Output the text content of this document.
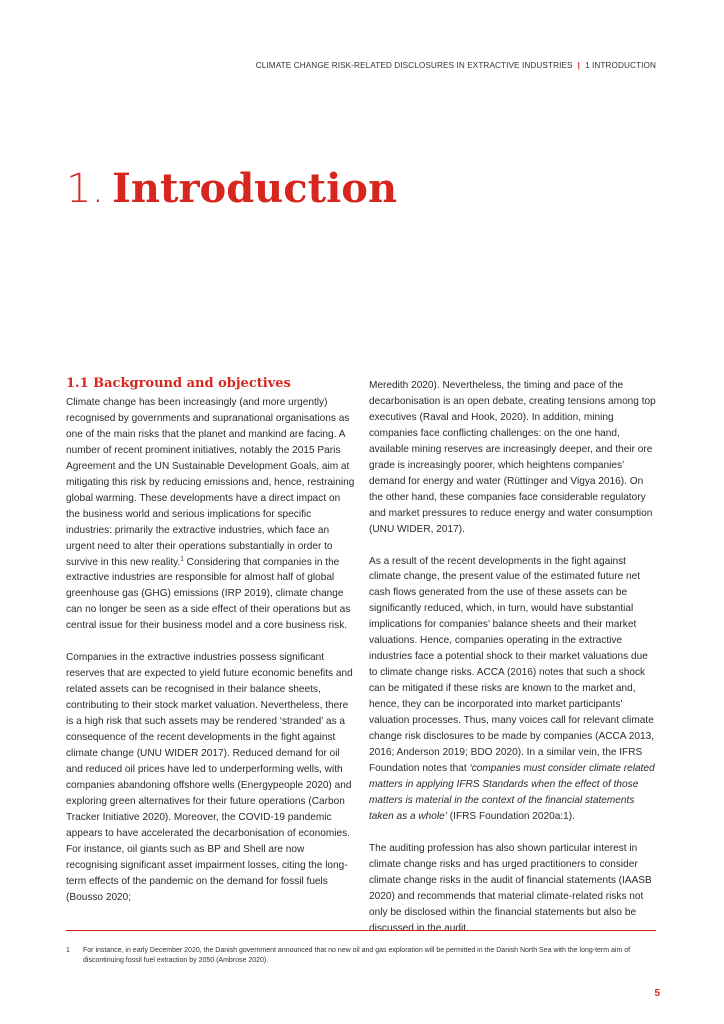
CLIMATE CHANGE RISK-RELATED DISCLOSURES IN EXTRACTIVE INDUSTRIES | 1 INTRODUCTION
1. Introduction
1.1 Background and objectives

Climate change has been increasingly (and more urgently) recognised by governments and supranational organisations as one of the main risks that the planet and mankind are facing. A number of recent prominent initiatives, notably the 2015 Paris Agreement and the UN Sustainable Development Goals, aim at mitigating this risk by reducing emissions and, hence, restraining global warming. These developments have a direct impact on the business world and serious implications for specific industries: primarily the extractive industries, which face an urgent need to alter their operations substantially in order to survive in this new reality.$^1$ Considering that companies in the extractive industries are responsible for almost half of global greenhouse gas (GHG) emissions (IRP 2019), climate change can no longer be seen as a side effect of their operations but as central issue for their business model and a core business risk.

Companies in the extractive industries possess significant reserves that are expected to yield future economic benefits and related assets can be recognised in their balance sheets, contributing to their stock market valuation. Nevertheless, there is a high risk that such assets may be rendered ‘stranded’ as a consequence of the recent developments in the fight against climate change (UNU WIDER 2017). Reduced demand for oil and reduced oil prices have led to underperforming wells, with companies abandoning offshore wells (Energypeople 2020) and exploring green alternatives for their future operations (Carbon Tracker Initiative 2020). Moreover, the COVID-19 pandemic appears to have accelerated the decarbonisation of economies. For instance, oil giants such as BP and Shell are now recognising significant asset impairment losses, citing the long-term effects of the pandemic on the demand for fossil fuels (Bousso 2020;

Meredith 2020). Nevertheless, the timing and pace of the decarbonisation is an open debate, creating tensions among top executives (Raval and Hook, 2020). In addition, mining companies face conflicting challenges: on the one hand, available mining reserves are increasingly deeper, and their ore grade is increasingly poorer, which heightens companies’ demand for energy and water (Rüttinger and Vigya 2016). On the other hand, these companies face considerable regulatory and market pressures to reduce energy and water consumption (UNU WIDER, 2017).

As a result of the recent developments in the fight against climate change, the present value of the estimated future net cash flows generated from the use of these assets can be significantly reduced, which, in turn, would have substantial implications for companies’ balance sheets and their market valuations. Hence, companies operating in the extractive industries face a potential shock to their market valuations due to climate change risks. ACCA (2016) notes that such a shock can be mitigated if these risks are known to the market and, hence, they can be incorporated into market participants’ valuation processes. Thus, many voices call for relevant climate change risk disclosures to be made by companies (ACCA 2013, 2016; Anderson 2019; BDO 2020). In a similar vein, the IFRS Foundation notes that ‘companies must consider climate related matters in applying IFRS Standards when the effect of those matters is material in the context of the financial statements taken as a whole’ (IFRS Foundation 2020a:1).

The auditing profession has also shown particular interest in climate change risks and has urged practitioners to consider climate change risks in the audit of financial statements (IAASB 2020) and recommends that material climate-related risks not only be disclosed within the financial statements but also be discussed in the audit

1	For instance, in early December 2020, the Danish government announced that no new oil and gas exploration will be permitted in the Danish North Sea with the long-term aim of discontinuing fossil fuel extraction by 2050 (Ambrose 2020).
5
